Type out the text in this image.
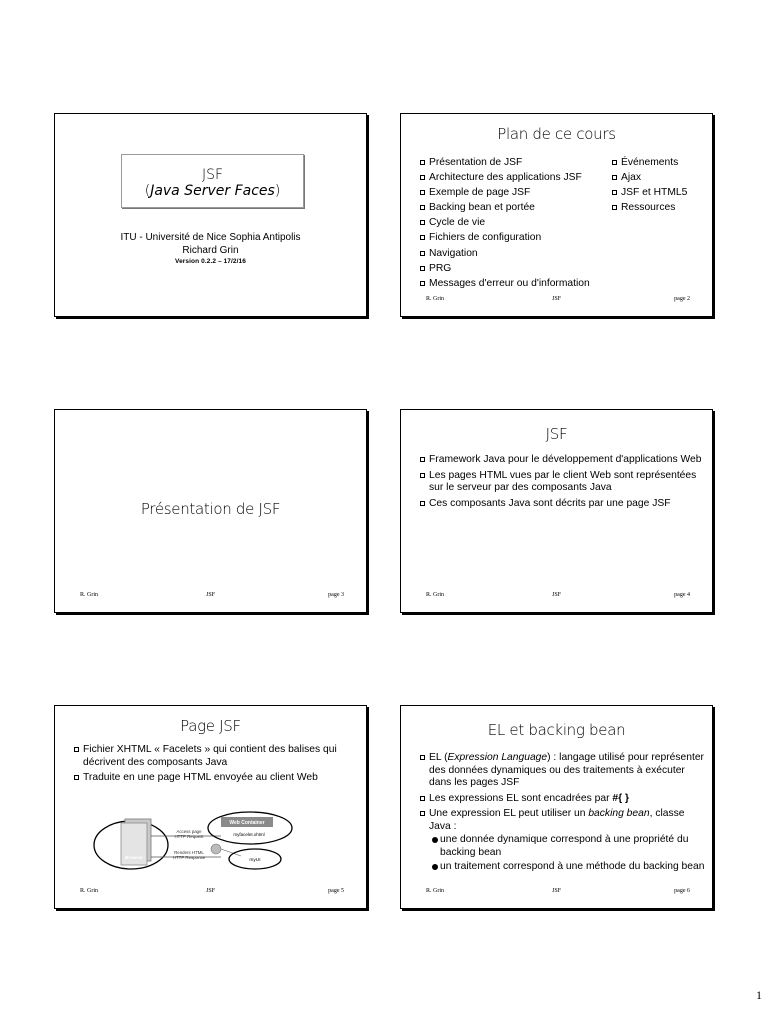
JSF
(Java Server Faces)
ITU - Université de Nice Sophia Antipolis
Richard Grin
Version 0.2.2 – 17/2/16
Plan de ce cours
Présentation de JSF
Architecture des applications JSF
Exemple de page JSF
Backing bean et portée
Cycle de vie
Fichiers de configuration
Navigation
PRG
Messages d'erreur ou d'information
Événements
Ajax
JSF et HTML5
Ressources
R. Grin	JSF	page 2
Présentation de JSF
R. Grin	JSF	page 3
JSF
Framework Java pour le développement d'applications Web
Les pages HTML vues par le client Web sont représentées sur le serveur par des composants Java
Ces composants Java sont décrits par une page JSF
R. Grin	JSF	page 4
Page JSF
Fichier XHTML « Facelets » qui contient des balises qui décrivent des composants Java
Traduite en une page HTML envoyée au client Web
Browser
Access page
HTTP Request
Renders HTML
HTTP Response
Web Container
myfacelet.xhtml
myUI
R. Grin	JSF	page 5
EL et backing bean
EL (Expression Language) : langage utilisé pour représenter des données dynamiques ou des traitements à exécuter dans les pages JSF
Les expressions EL sont encadrées par #{ }
Une expression EL peut utiliser un backing bean, classe Java :
une donnée dynamique correspond à une propriété du backing bean
un traitement correspond à une méthode du backing bean
R. Grin	JSF	page 6
1
